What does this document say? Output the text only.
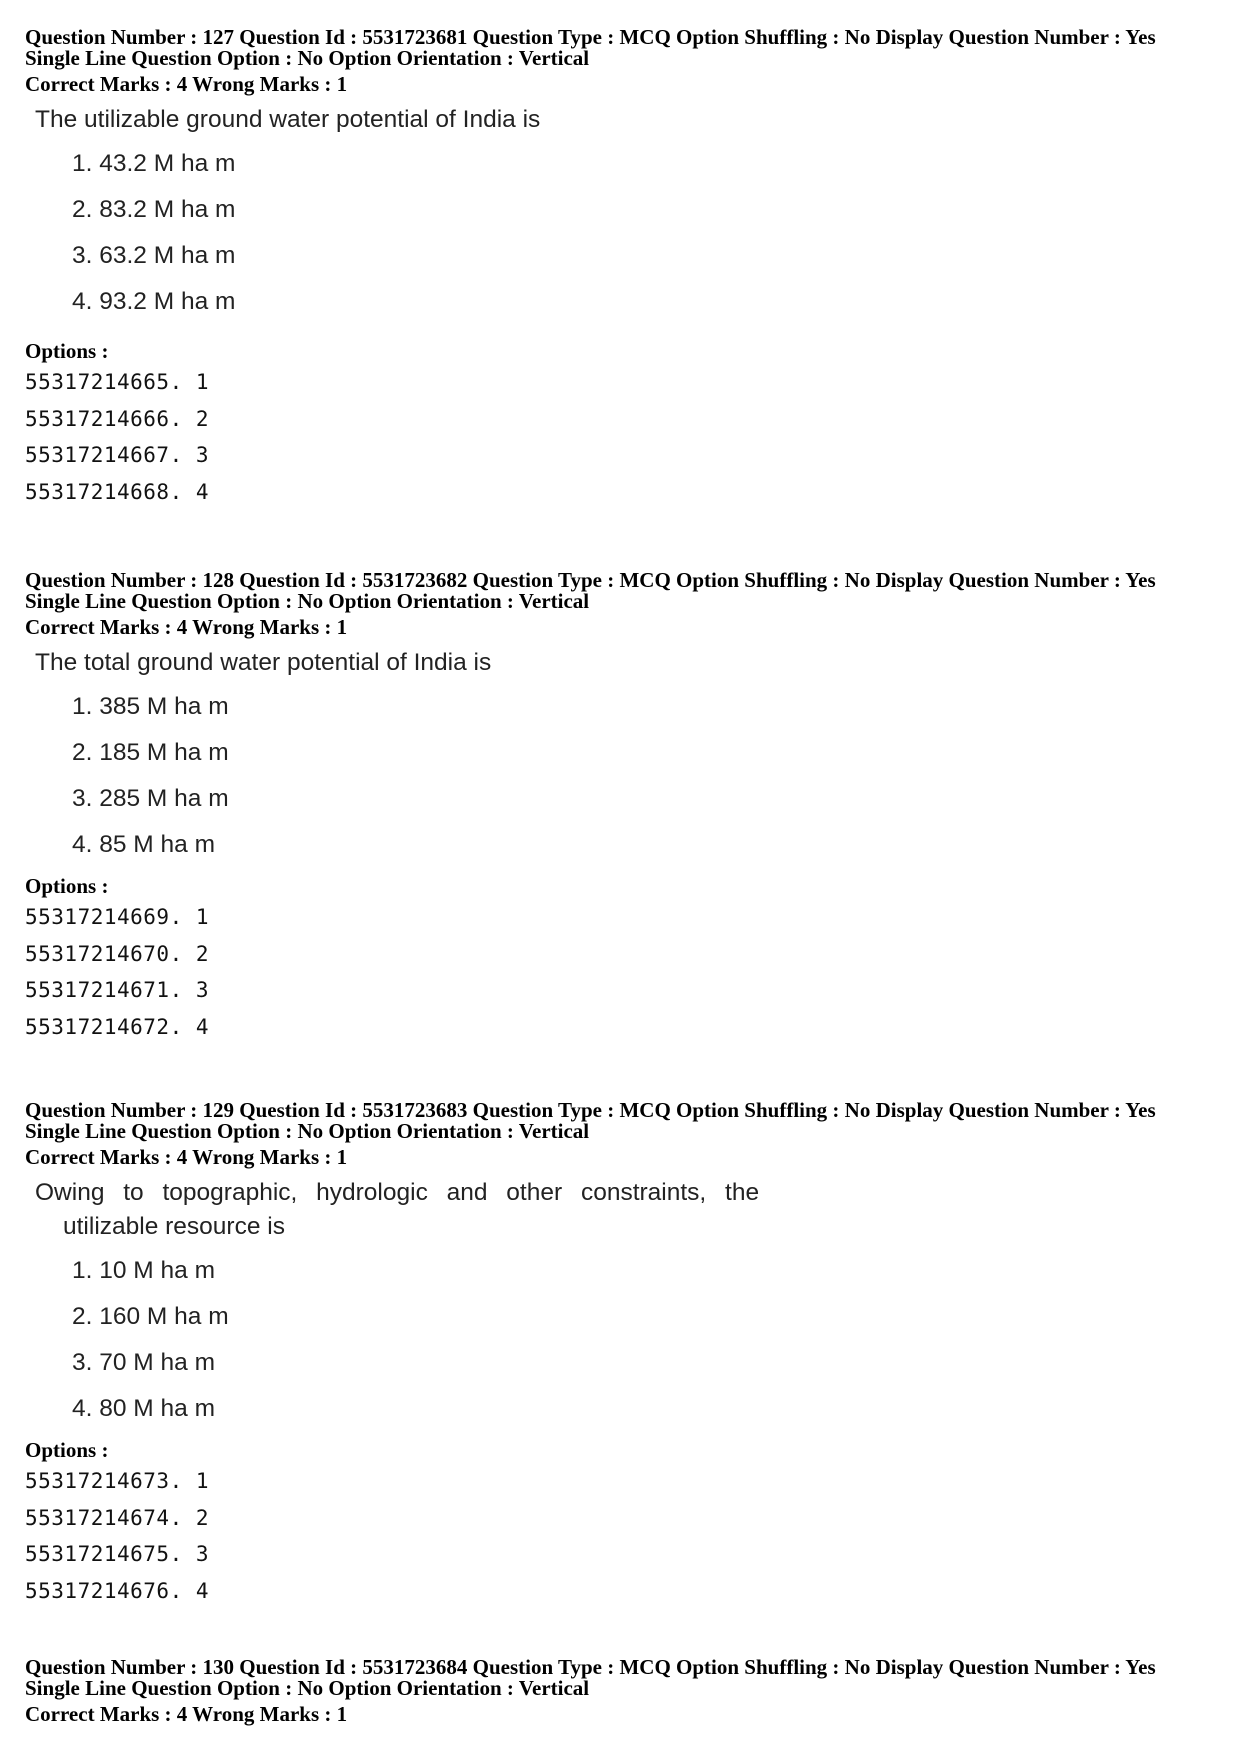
Question Number : 127 Question Id : 5531723681 Question Type : MCQ Option Shuffling : No Display Question Number : Yes

Single Line Question Option : No Option Orientation : Vertical

Correct Marks : 4 Wrong Marks : 1

The utilizable ground water potential of India is

1. 43.2 M ha m
2. 83.2 M ha m
3. 63.2 M ha m
4. 93.2 M ha m

Options :

55317214665. 1
55317214666. 2
55317214667. 3
55317214668. 4

Question Number : 128 Question Id : 5531723682 Question Type : MCQ Option Shuffling : No Display Question Number : Yes

Single Line Question Option : No Option Orientation : Vertical

Correct Marks : 4 Wrong Marks : 1

The total ground water potential of India is

1. 385 M ha m
2. 185 M ha m
3. 285 M ha m
4. 85 M ha m

Options :

55317214669. 1
55317214670. 2
55317214671. 3
55317214672. 4

Question Number : 129 Question Id : 5531723683 Question Type : MCQ Option Shuffling : No Display Question Number : Yes

Single Line Question Option : No Option Orientation : Vertical

Correct Marks : 4 Wrong Marks : 1

Owing to topographic, hydrologic and other constraints, the

utilizable resource is

1. 10 M ha m
2. 160 M ha m
3. 70 M ha m
4. 80 M ha m

Options :

55317214673. 1
55317214674. 2
55317214675. 3
55317214676. 4

Question Number : 130 Question Id : 5531723684 Question Type : MCQ Option Shuffling : No Display Question Number : Yes

Single Line Question Option : No Option Orientation : Vertical

Correct Marks : 4 Wrong Marks : 1
